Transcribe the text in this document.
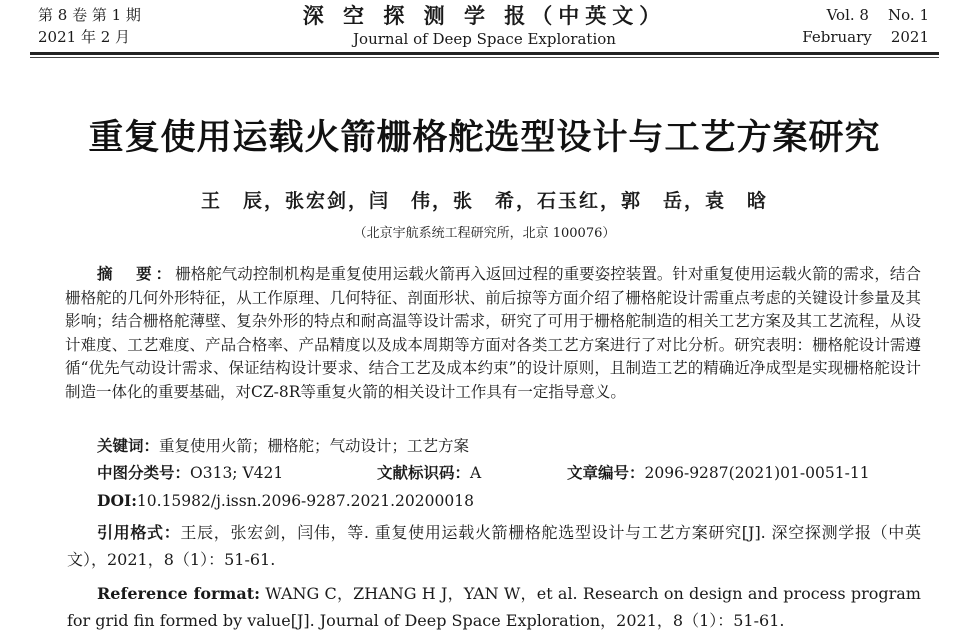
第 8 卷 第 1 期
2021 年 2 月
深 空 探 测 学 报（中英文）
Journal of Deep Space Exploration
Vol. 8    No. 1
February    2021
重复使用运载火箭栅格舵选型设计与工艺方案研究
王　辰，张宏剑，闫　伟，张　希，石玉红，郭　岳，袁　晗
（北京宇航系统工程研究所，北京 100076）
摘　要：栅格舵气动控制机构是重复使用运载火箭再入返回过程的重要姿控装置。针对重复使用运载火箭的需求，结合栅格舵的几何外形特征，从工作原理、几何特征、剖面形状、前后掠等方面介绍了栅格舵设计需重点考虑的关键设计参量及其影响；结合栅格舵薄壁、复杂外形的特点和耐高温等设计需求，研究了可用于栅格舵制造的相关工艺方案及其工艺流程，从设计难度、工艺难度、产品合格率、产品精度以及成本周期等方面对各类工艺方案进行了对比分析。研究表明：栅格舵设计需遵循“优先气动设计需求、保证结构设计要求、结合工艺及成本约束”的设计原则，且制造工艺的精确近净成型是实现栅格舵设计制造一体化的重要基础，对CZ-8R等重复火箭的相关设计工作具有一定指导意义。
关键词：重复使用火箭；栅格舵；气动设计；工艺方案
中图分类号：O313; V421	文献标识码：A	文章编号：2096-9287(2021)01-0051-11
DOI:10.15982/j.issn.2096-9287.2021.20200018
引用格式：王辰，张宏剑，闫伟，等. 重复使用运载火箭栅格舵选型设计与工艺方案研究[J]. 深空探测学报（中英文），2021，8（1）：51-61.
Reference format: WANG C，ZHANG H J，YAN W，et al. Research on design and process program for grid fin formed by value[J]. Journal of Deep Space Exploration，2021，8（1）：51-61.
